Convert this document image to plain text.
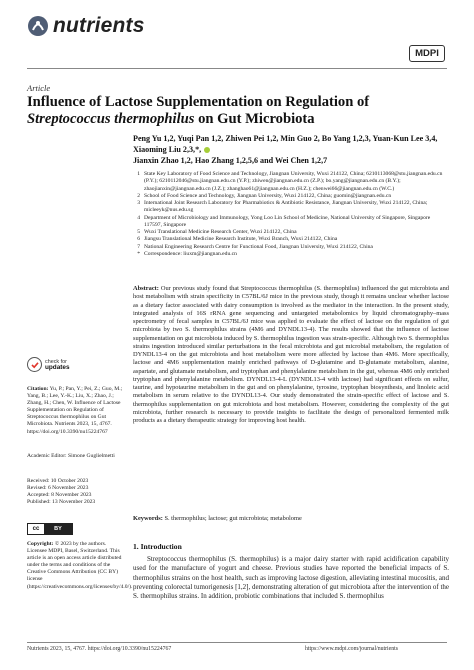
nutrients
MDPI
Article
Influence of Lactose Supplementation on Regulation of
Streptococcus thermophilus on Gut Microbiota
Peng Yu 1,2, Yuqi Pan 1,2, Zhiwen Pei 1,2, Min Guo 2, Bo Yang 1,2,3, Yuan-Kun Lee 3,4, Xiaoming Liu 2,3,*,
Jianxin Zhao 1,2, Hao Zhang 1,2,5,6 and Wei Chen 1,2,7
1 State Key Laboratory of Food Science and Technology, Jiangnan University, Wuxi 214122, China; 6210113068@stu.jiangnan.edu.cn (P.Y.); 6210112046@stu.jiangnan.edu.cn (Y.P.); zhiwen@jiangnan.edu.cn (Z.P.); bo.yang@jiangnan.edu.cn (B.Y.); zhaojianxin@jiangnan.edu.cn (J.Z.); zhanghao61@jiangnan.edu.cn (H.Z.); chenwei66@jiangnan.edu.cn (W.C.)
2 School of Food Science and Technology, Jiangnan University, Wuxi 214122, China; guomin@jiangnan.edu.cn
3 International Joint Research Laboratory for Pharmabiotics & Antibiotic Resistance, Jiangnan University, Wuxi 214122, China; micleeyk@nus.edu.sg
4 Department of Microbiology and Immunology, Yong Loo Lin School of Medicine, National University of Singapore, Singapore 117597, Singapore
5 Wuxi Translational Medicine Research Center, Wuxi 214122, China
6 Jiangsu Translational Medicine Research Institute, Wuxi Branch, Wuxi 214122, China
7 National Engineering Research Centre for Functional Food, Jiangnan University, Wuxi 214122, China
* Correspondence: liuxm@jiangnan.edu.cn
Abstract: Our previous study found that Streptococcus thermophilus (S. thermophilus) influenced the gut microbiota and host metabolism with strain specificity in C57BL/6J mice in the previous study, though it remains unclear whether lactose as a dietary factor associated with dairy consumption is involved as the mediator in the interaction. In the present study, integrated analysis of 16S rRNA gene sequencing and untargeted metabolomics by liquid chromatography–mass spectrometry of fecal samples in C57BL/6J mice was applied to evaluate the effect of lactose on the regulation of gut microbiota by two S. thermophilus strains (4M6 and DYNDL13-4). The results showed that the influence of lactose supplementation on gut microbiota induced by S. thermophilus ingestion was strain-specific. Although two S. thermophilus strains ingestion introduced similar perturbations in the fecal microbiota and gut microbial metabolism, the regulation of DYNDL13-4 on the gut microbiota and host metabolism were more affected by lactose than 4M6. More specifically, lactose and 4M6 supplementation mainly enriched pathways of D-glutamine and D-glutamate metabolism, alanine, aspartate, and glutamate metabolism, and tryptophan and phenylalanine metabolism in the gut, whereas 4M6 only enriched tryptophan and phenylalanine metabolism. DYNDL13-4-L (DYNDL13-4 with lactose) had significant effects on sulfur, taurine, and hypotaurine metabolism in the gut and on phenylalanine, tyrosine, tryptophan biosynthesis, and linoleic acid metabolism in serum relative to the DYNDL13-4. Our study demonstrated the strain-specific effect of lactose and S. thermophilus supplementation on gut microbiota and host metabolism. However, considering the complexity of the gut microbiota, further research is necessary to provide insights to facilitate the design of personalized fermented milk products as a dietary therapeutic strategy for improving host health.
Keywords: S. thermophilus; lactose; gut microbiota; metabolome
check for
updates
Citation: Yu, P.; Pan, Y.; Pei, Z.; Guo, M.; Yang, B.; Lee, Y.-K.; Liu, X.; Zhao, J.; Zhang, H.; Chen, W. Influence of Lactose Supplementation on Regulation of Streptococcus thermophilus on Gut Microbiota. Nutrients 2023, 15, 4767. https://doi.org/10.3390/nu15224767
Academic Editor: Simone Guglielmetti
Received: 10 October 2023
Revised: 6 November 2023
Accepted: 8 November 2023
Published: 13 November 2023
cc	BY
Copyright: © 2023 by the authors. Licensee MDPI, Basel, Switzerland. This article is an open access article distributed under the terms and conditions of the Creative Commons Attribution (CC BY) license (https://creativecommons.org/licenses/by/4.0/).
1. Introduction
Streptococcus thermophilus (S. thermophilus) is a major dairy starter with rapid acidification capability used for the manufacture of yogurt and cheese. Previous studies have reported the beneficial impacts of S. thermophilus strains on the host health, such as improving lactose digestion, alleviating intestinal mucositis, and preventing colorectal tumorigenesis [1,2], demonstrating alteration of gut microbiota after the intervention of the S. thermophilus strains. In addition, probiotic combinations that included S. thermophilus
Nutrients 2023, 15, 4767. https://doi.org/10.3390/nu15224767	https://www.mdpi.com/journal/nutrients
